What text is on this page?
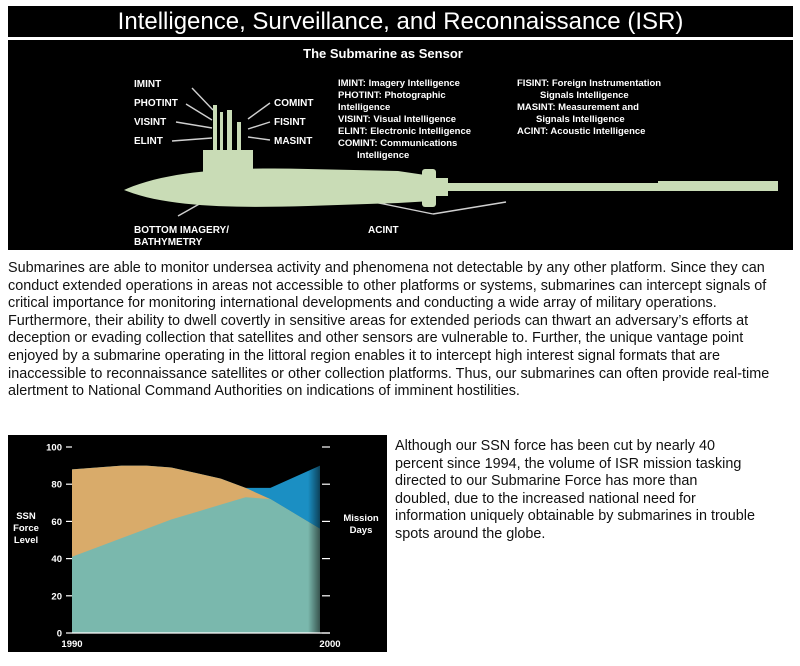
Intelligence, Surveillance, and Reconnaissance (ISR)
The Submarine as Sensor
IMINT
PHOTINT
VISINT
ELINT
COMINT
FISINT
MASINT
BOTTOM IMAGERY/
BATHYMETRY
ACINT
IMINT: Imagery Intelligence
PHOTINT: Photographic
Intelligence
VISINT: Visual Intelligence
ELINT: Electronic Intelligence
COMINT: Communications
Intelligence
FISINT: Foreign Instrumentation
Signals Intelligence
MASINT: Measurement and
Signals Intelligence
ACINT: Acoustic Intelligence

Submarines are able to monitor undersea activity and phenomena not detectable by any other platform. Since they can conduct extended operations in areas not accessible to other platforms or systems, submarines can intercept signals of critical importance for monitoring international developments and conducting a wide array of military operations. Furthermore, their ability to dwell covertly in sensitive areas for extended periods can thwart an adversary’s efforts at deception or evading collection that satellites and other sensors are vulnerable to. Further, the unique vantage point enjoyed by a submarine operating in the littoral region enables it to intercept high interest signal formats that are inaccessible to reconnaissance satellites or other collection platforms. Thus, our submarines can often provide real-time alertment to National Command Authorities on indications of imminent hostilities.

0
20
40
60
80
100
1990	2000
SSN
Force
Level
Mission
Days

Although our SSN force has been cut by nearly 40 percent since 1994, the volume of ISR mission tasking directed to our Submarine Force has more than doubled, due to the increased national need for information uniquely obtainable by submarines in trouble spots around the globe.
